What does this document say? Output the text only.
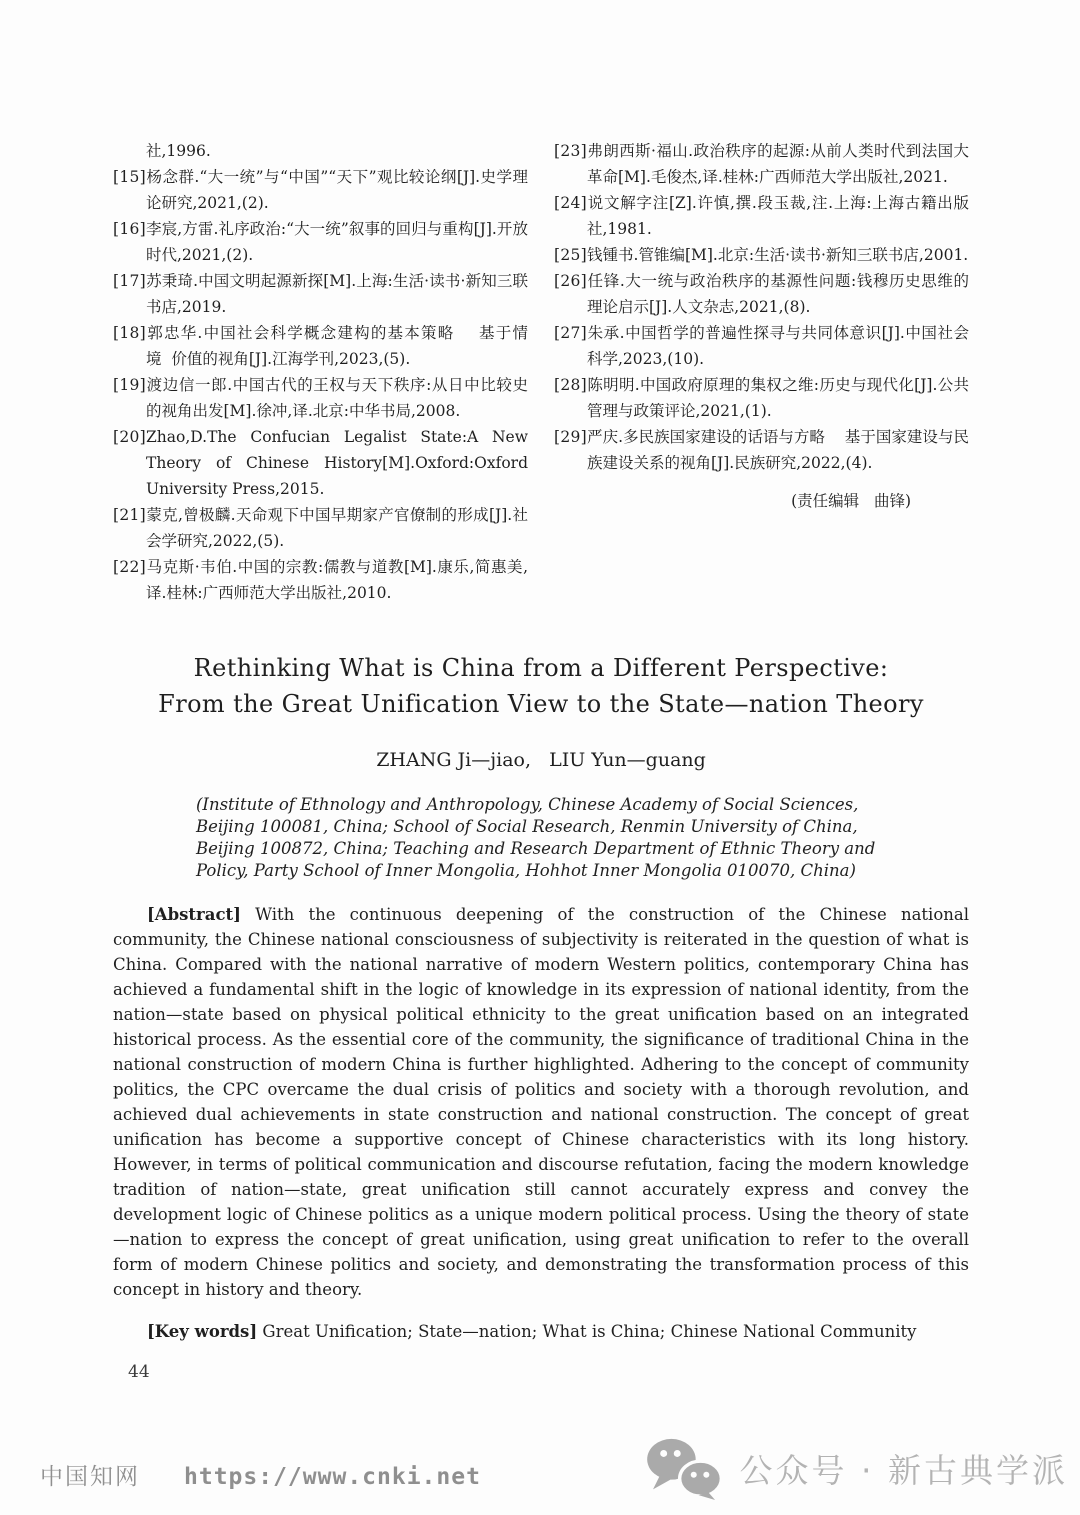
社,1996.
[15]杨念群.“大一统”与“中国”“天下”观比较论纲[J].史学理论研究,2021,(2).
[16]李宸,方雷.礼序政治:“大一统”叙事的回归与重构[J].开放时代,2021,(2).
[17]苏秉琦.中国文明起源新探[M].上海:生活·读书·新知三联书店,2019.
[18]郭忠华.中国社会科学概念建构的基本策略    基于情境  价值的视角[J].江海学刊,2023,(5).
[19]渡边信一郎.中国古代的王权与天下秩序:从日中比较史的视角出发[M].徐冲,译.北京:中华书局,2008.
[20]Zhao,D.The Confucian Legalist State:A New Theory of Chinese History[M].Oxford:Oxford University Press,2015.
[21]蒙克,曾极麟.天命观下中国早期家产官僚制的形成[J].社会学研究,2022,(5).
[22]马克斯·韦伯.中国的宗教:儒教与道教[M].康乐,简惠美,译.桂林:广西师范大学出版社,2010.
[23]弗朗西斯·福山.政治秩序的起源:从前人类时代到法国大革命[M].毛俊杰,译.桂林:广西师范大学出版社,2021.
[24]说文解字注[Z].许慎,撰.段玉裁,注.上海:上海古籍出版社,1981.
[25]钱锺书.管锥编[M].北京:生活·读书·新知三联书店,2001.
[26]任锋.大一统与政治秩序的基源性问题:钱穆历史思维的理论启示[J].人文杂志,2021,(8).
[27]朱承.中国哲学的普遍性探寻与共同体意识[J].中国社会科学,2023,(10).
[28]陈明明.中国政府原理的集权之维:历史与现代化[J].公共管理与政策评论,2021,(1).
[29]严庆.多民族国家建设的话语与方略    基于国家建设与民族建设关系的视角[J].民族研究,2022,(4).
(责任编辑   曲锋)
Rethinking What is China from a Different Perspective:
From the Great Unification View to the State—nation Theory
ZHANG Ji—jiao,   LIU Yun—guang
(Institute of Ethnology and Anthropology, Chinese Academy of Social Sciences,
Beijing 100081, China; School of Social Research, Renmin University of China,
Beijing 100872, China; Teaching and Research Department of Ethnic Theory and
Policy, Party School of Inner Mongolia, Hohhot Inner Mongolia 010070, China)

[Abstract] With the continuous deepening of the construction of the Chinese national community, the Chinese national consciousness of subjectivity is reiterated in the question of what is China. Compared with the national narrative of modern Western politics, contemporary China has achieved a fundamental shift in the logic of knowledge in its expression of national identity, from the nation—state based on physical political ethnicity to the great unification based on an integrated historical process. As the essential core of the community, the significance of traditional China in the national construction of modern China is further highlighted. Adhering to the concept of community politics, the CPC overcame the dual crisis of politics and society with a thorough revolution, and achieved dual achievements in state construction and national construction. The concept of great unification has become a supportive concept of Chinese characteristics with its long history. However, in terms of political communication and discourse refutation, facing the modern knowledge tradition of nation—state, great unification still cannot accurately express and convey the development logic of Chinese politics as a unique modern political process. Using the theory of state—nation to express the concept of great unification, using great unification to refer to the overall form of modern Chinese politics and society, and demonstrating the transformation process of this concept in history and theory.

[Key words] Great Unification; State—nation; What is China; Chinese National Community

44
中国知网 https://www.cnki.net	公众号 · 新古典学派
